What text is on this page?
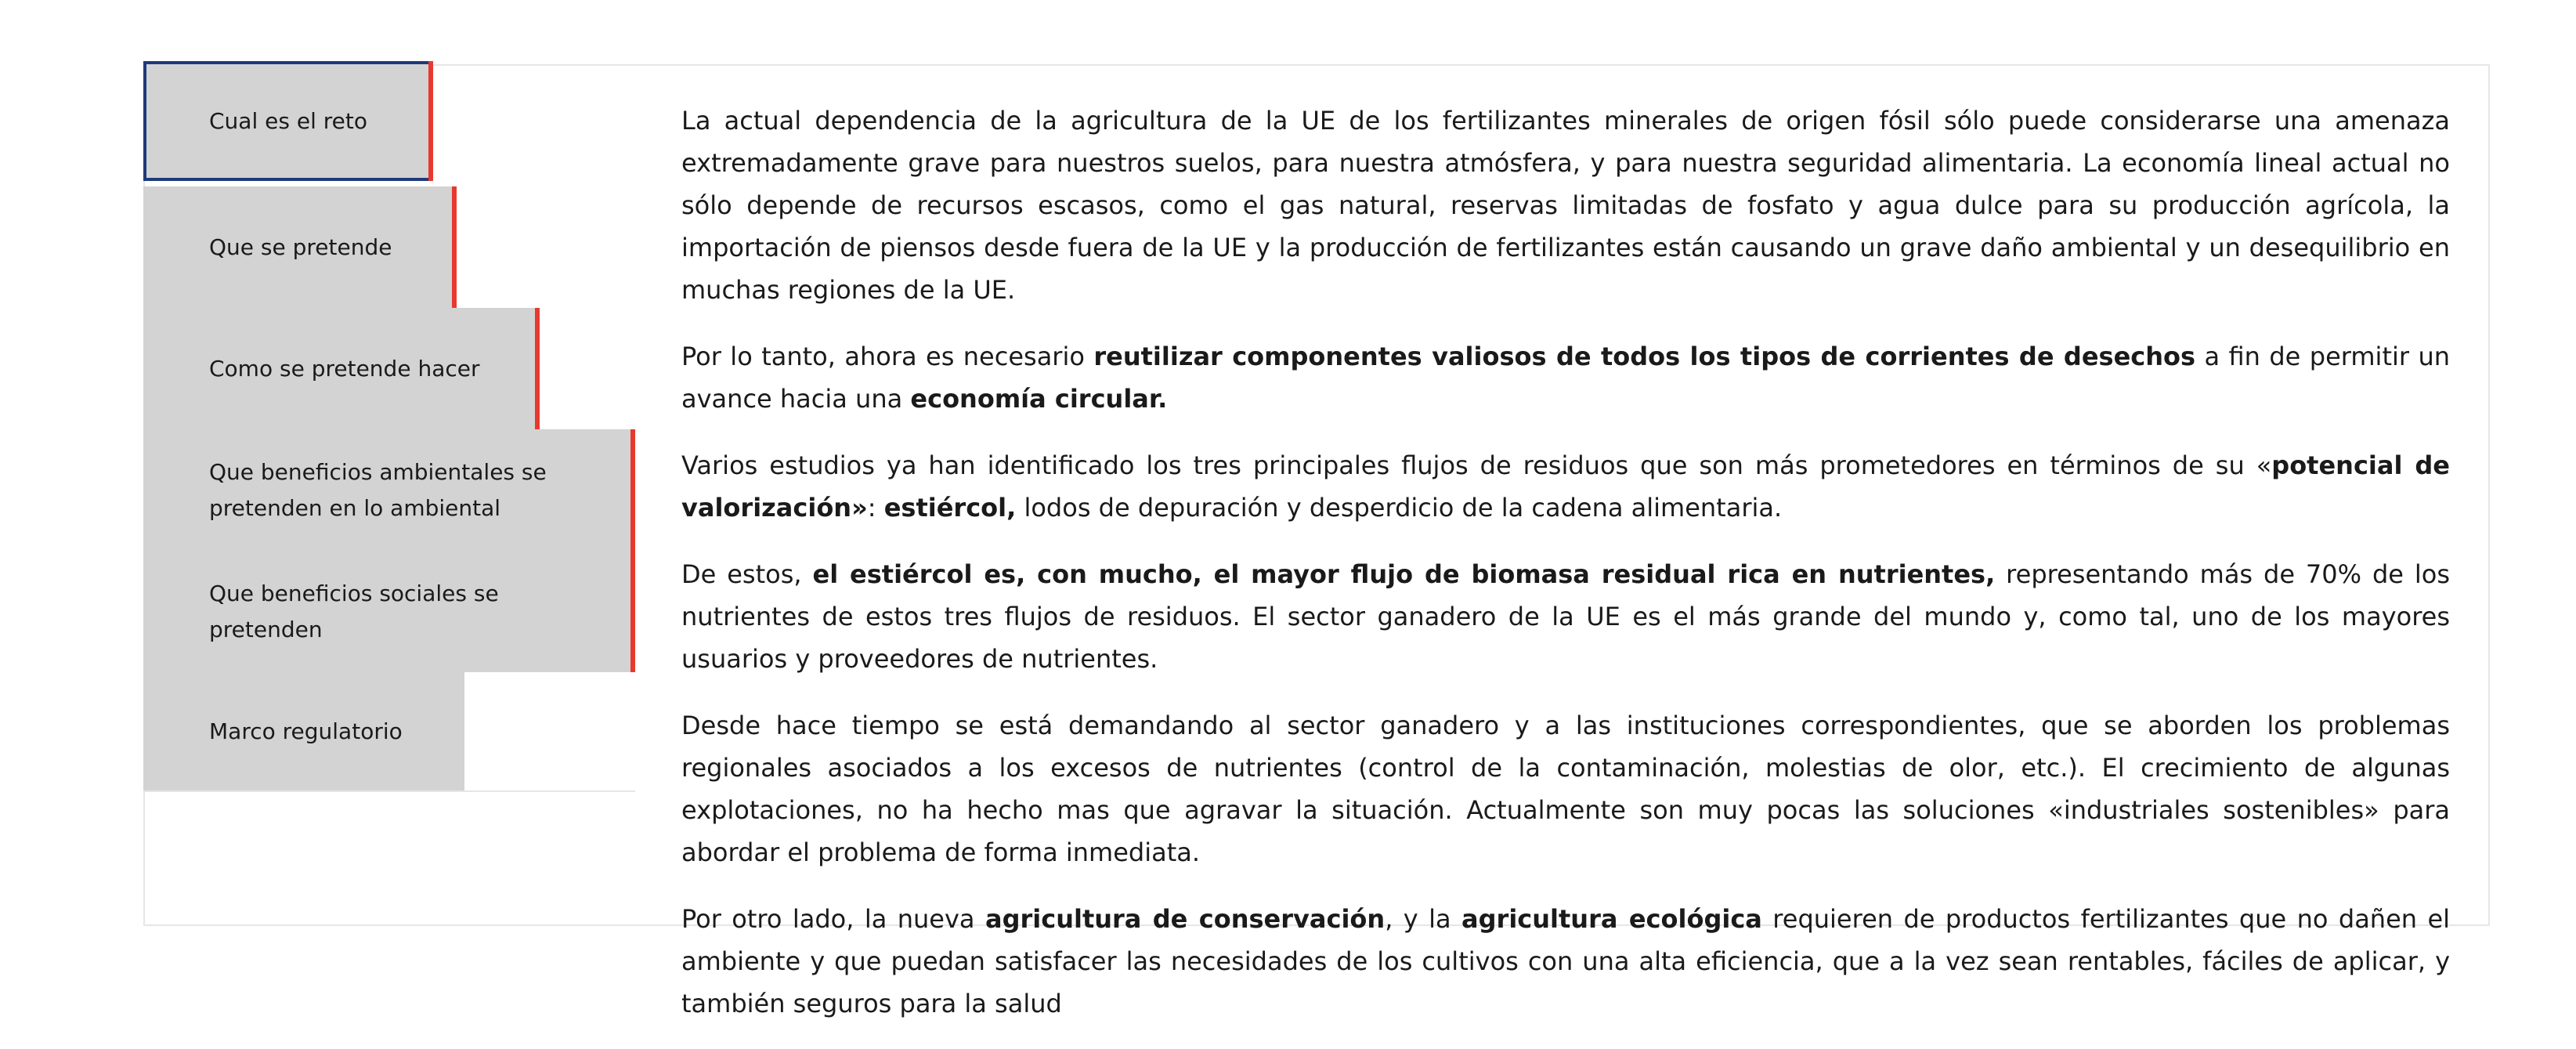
Cual es el reto
Que se pretende
Como se pretende hacer
Que beneficios ambientales se pretenden en lo ambiental
Que beneficios sociales se pretenden
Marco regulatorio

La actual dependencia de la agricultura de la UE de los fertilizantes minerales de origen fósil sólo puede considerarse una amenaza extremadamente grave para nuestros suelos, para nuestra atmósfera, y para nuestra seguridad alimentaria. La economía lineal actual no sólo depende de recursos escasos, como el gas natural, reservas limitadas de fosfato y agua dulce para su producción agrícola, la importación de piensos desde fuera de la UE y la producción de fertilizantes están causando un grave daño ambiental y un desequilibrio en muchas regiones de la UE.

Por lo tanto, ahora es necesario reutilizar componentes valiosos de todos los tipos de corrientes de desechos a fin de permitir un avance hacia una economía circular.

Varios estudios ya han identificado los tres principales flujos de residuos que son más prometedores en términos de su «potencial de valorización»: estiércol, lodos de depuración y desperdicio de la cadena alimentaria.

De estos, el estiércol es, con mucho, el mayor flujo de biomasa residual rica en nutrientes, representando más de 70% de los nutrientes de estos tres flujos de residuos. El sector ganadero de la UE es el más grande del mundo y, como tal, uno de los mayores usuarios y proveedores de nutrientes.

Desde hace tiempo se está demandando al sector ganadero y a las instituciones correspondientes, que se aborden los problemas regionales asociados a los excesos de nutrientes (control de la contaminación, molestias de olor, etc.). El crecimiento de algunas explotaciones, no ha hecho mas que agravar la situación. Actualmente son muy pocas las soluciones «industriales sostenibles» para abordar el problema de forma inmediata.

Por otro lado, la nueva agricultura de conservación, y la agricultura ecológica requieren de productos fertilizantes que no dañen el ambiente y que puedan satisfacer las necesidades de los cultivos con una alta eficiencia, que a la vez sean rentables, fáciles de aplicar, y también seguros para la salud
